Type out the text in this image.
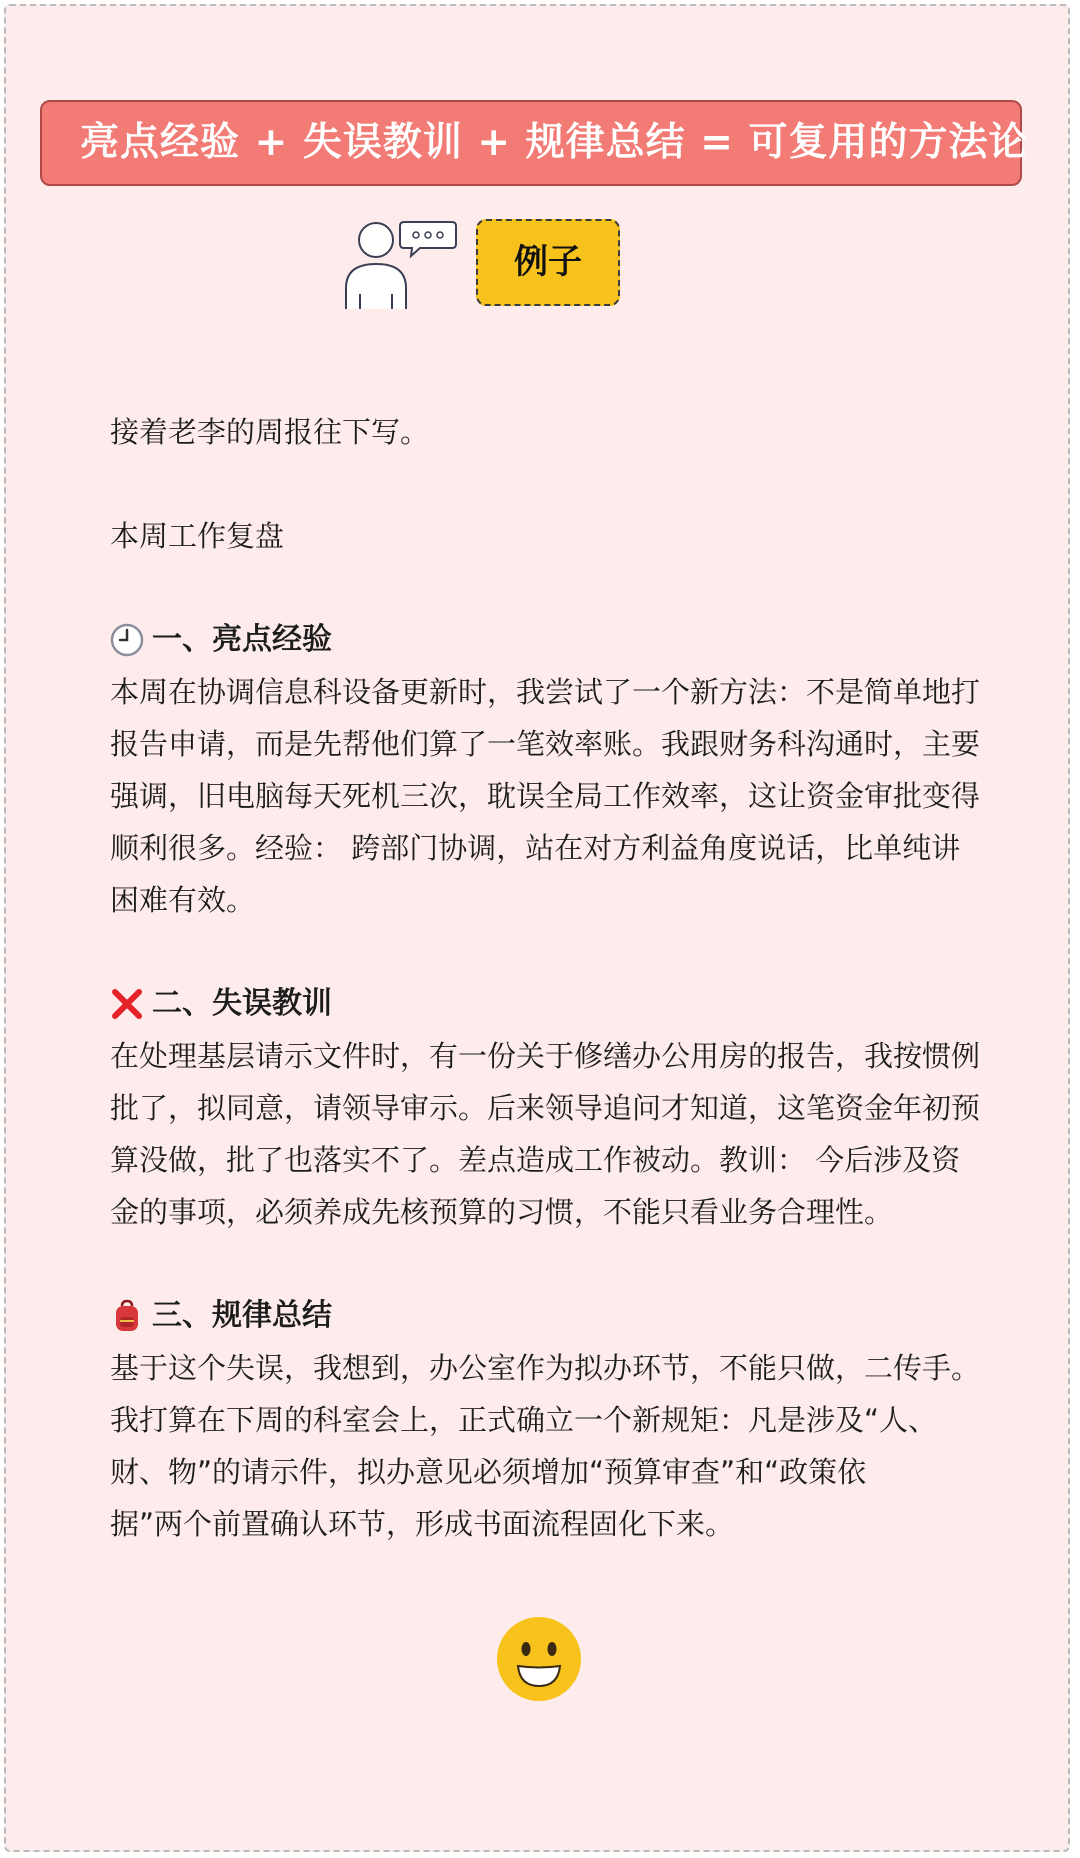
亮点经验 + 失误教训 + 规律总结 = 可复用的方法论
例子
接着老李的周报往下写。
本周工作复盘
一、亮点经验
本周在协调信息科设备更新时，我尝试了一个新方法：不是简单地打
报告申请，而是先帮他们算了一笔效率账。我跟财务科沟通时，主要
强调，旧电脑每天死机三次，耽误全局工作效率，这让资金审批变得
顺利很多。经验： 跨部门协调，站在对方利益角度说话，比单纯讲
困难有效。
二、失误教训
在处理基层请示文件时，有一份关于修缮办公用房的报告，我按惯例
批了，拟同意，请领导审示。后来领导追问才知道，这笔资金年初预
算没做，批了也落实不了。差点造成工作被动。教训： 今后涉及资
金的事项，必须养成先核预算的习惯，不能只看业务合理性。
三、规律总结
基于这个失误，我想到，办公室作为拟办环节，不能只做，二传手。
我打算在下周的科室会上，正式确立一个新规矩：凡是涉及“人、
财、物”的请示件，拟办意见必须增加“预算审查”和“政策依
据”两个前置确认环节，形成书面流程固化下来。
